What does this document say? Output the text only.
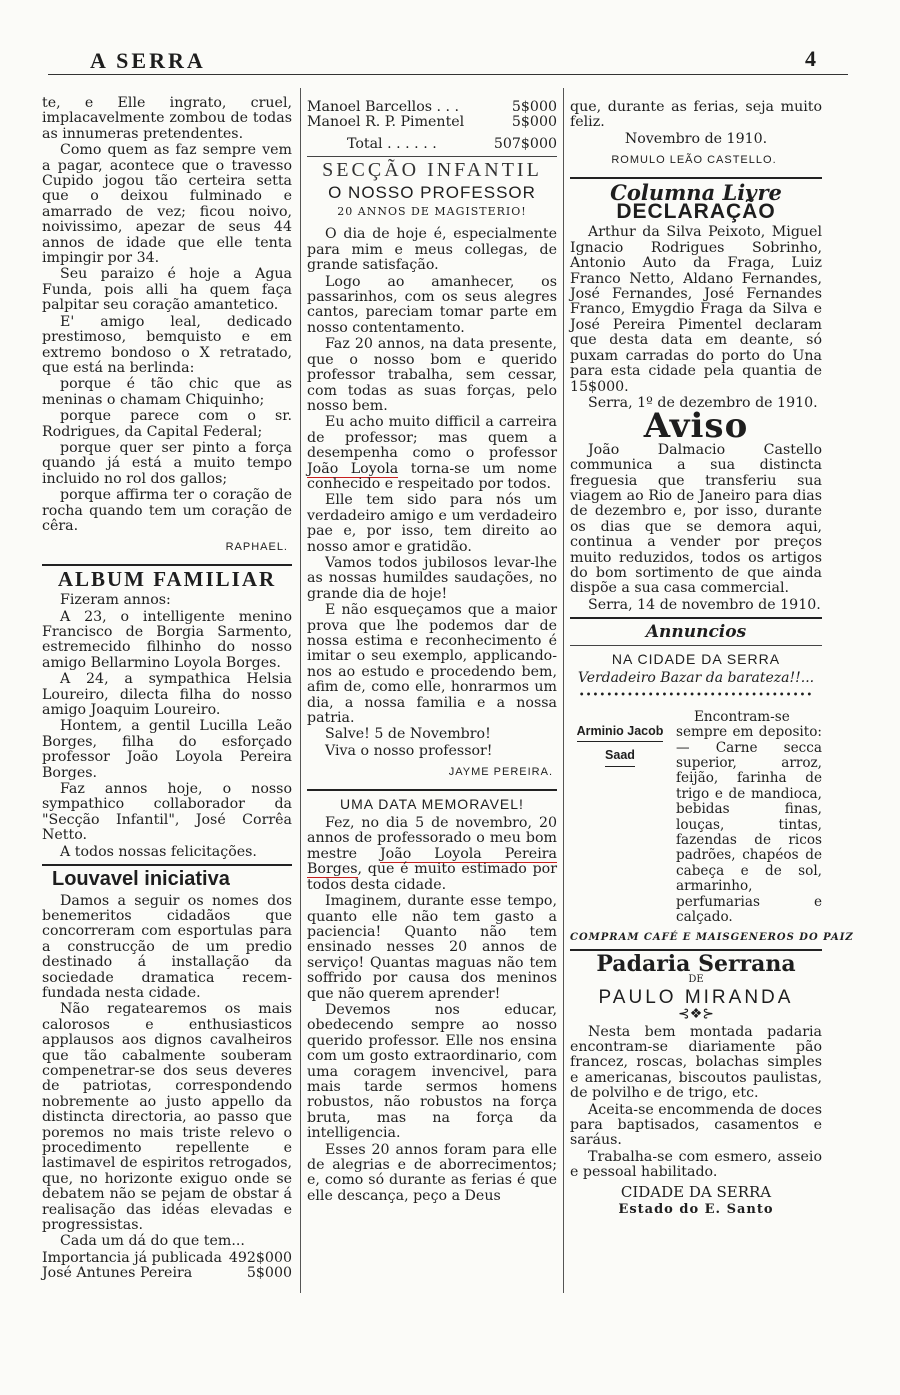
A SERRA	4

te, e Elle ingrato, cruel, implacavelmente zombou de todas as innumeras pretendentes.

Como quem as faz sempre vem a pagar, acontece que o travesso Cupido jogou tão certeira setta que o deixou fulminado e amarrado de vez; ficou noivo, noivissimo, apezar de seus 44 annos de idade que elle tenta impingir por 34.

Seu paraizo é hoje a Agua Funda, pois alli ha quem faça palpitar seu coração amantetico.

E' amigo leal, dedicado prestimoso, bemquisto e em extremo bondoso o X retratado, que está na berlinda:

porque é tão chic que as meninas o chamam Chiquinho;

porque parece com o sr. Rodrigues, da Capital Federal;

porque quer ser pinto a força quando já está a muito tempo incluido no rol dos gallos;

porque affirma ter o coração de rocha quando tem um coração de cêra.

RAPHAEL.
ALBUM FAMILIAR

Fizeram annos:

A 23, o intelligente menino Francisco de Borgia Sarmento, estremecido filhinho do nosso amigo Bellarmino Loyola Borges.

A 24, a sympathica Helsia Loureiro, dilecta filha do nosso amigo Joaquim Loureiro.

Hontem, a gentil Lucilla Leão Borges, filha do esforçado professor João Loyola Pereira Borges.

Faz annos hoje, o nosso sympathico collaborador da "Secção Infantil", José Corrêa Netto.

A todos nossas felicitações.

Louvavel iniciativa

Damos a seguir os nomes dos benemeritos cidadãos que concorreram com esportulas para a construcção de um predio destinado á installação da sociedade dramatica recem-fundada nesta cidade.

Não regatearemos os mais calorosos e enthusiasticos applausos aos dignos cavalheiros que tão cabalmente souberam compenetrar-se dos seus deveres de patriotas, correspondendo nobremente ao justo appello da distincta directoria, ao passo que poremos no mais triste relevo o procedimento repellente e lastimavel de espiritos retrogados, que, no horizonte exiguo onde se debatem não se pejam de obstar á realisação das idéas elevadas e progressistas.

Cada um dá do que tem...

Importancia já publicada 492$000
José Antunes Pereira	5$000
Manoel Barcellos . . .	5$000
Manoel R. P. Pimentel	5$000
Total . . . . . .	507$000
SECÇÃO INFANTIL
O NOSSO PROFESSOR
20 ANNOS DE MAGISTERIO!

O dia de hoje é, especialmente para mim e meus collegas, de grande satisfação.

Logo ao amanhecer, os passarinhos, com os seus alegres cantos, pareciam tomar parte em nosso contentamento.

Faz 20 annos, na data presente, que o nosso bom e querido professor trabalha, sem cessar, com todas as suas forças, pelo nosso bem.

Eu acho muito difficil a carreira de professor; mas quem a desempenha como o professor João Loyola torna-se um nome conhecido e respeitado por todos.

Elle tem sido para nós um verdadeiro amigo e um verdadeiro pae e, por isso, tem direito ao nosso amor e gratidão.

Vamos todos jubilosos levar-lhe as nossas humildes saudações, no grande dia de hoje!

E não esqueçamos que a maior prova que lhe podemos dar de nossa estima e reconhecimento é imitar o seu exemplo, applicando-nos ao estudo e procedendo bem, afim de, como elle, honrarmos um dia, a nossa familia e a nossa patria.

Salve! 5 de Novembro!

Viva o nosso professor!

JAYME PEREIRA.
UMA DATA MEMORAVEL!

Fez, no dia 5 de novembro, 20 annos de professorado o meu bom mestre João Loyola Pereira Borges, que é muito estimado por todos desta cidade.

Imaginem, durante esse tempo, quanto elle não tem gasto a paciencia! Quanto não tem ensinado nesses 20 annos de serviço! Quantas maguas não tem soffrido por causa dos meninos que não querem aprender!

Devemos nos educar, obedecendo sempre ao nosso querido professor. Elle nos ensina com um gosto extraordinario, com uma coragem invencivel, para mais tarde sermos homens robustos, não robustos na força bruta, mas na força da intelligencia.

Esses 20 annos foram para elle de alegrias e de aborrecimentos; e, como só durante as ferias é que elle descança, peço a Deus

que, durante as ferias, seja muito feliz.

Novembro de 1910.
ROMULO LEÃO CASTELLO.
Columna Livre
DECLARAÇÃO

Arthur da Silva Peixoto, Miguel Ignacio Rodrigues Sobrinho, Antonio Auto da Fraga, Luiz Franco Netto, Aldano Fernandes, José Fernandes, José Fernandes Franco, Emygdio Fraga da Silva e José Pereira Pimentel declaram que desta data em deante, só puxam carradas do porto do Una para esta cidade pela quantia de 15$000.

Serra, 1º de dezembro de 1910.

Aviso

João Dalmacio Castello communica a sua distincta freguesia que transferiu sua viagem ao Rio de Janeiro para dias de dezembro e, por isso, durante os dias que se demora aqui, continua a vender por preços muito reduzidos, todos os artigos do bom sortimento de que ainda dispõe a sua casa commercial.

Serra, 14 de novembro de 1910.

Annuncios
NA CIDADE DA SERRA
Verdadeiro Bazar da barateza!!...
••••••••••••••••••••••••••••••••••
Arminio Jacob
Saad

Encontram-se sempre em deposito:— Carne secca superior, arroz, feijão, farinha de trigo e de mandioca, bebidas finas, louças, tintas, fazendas de ricos padrões, chapéos de cabeça e de sol, armarinho, perfumarias e calçado.

COMPRAM CAFÉ E MAIS GENEROS DO PAIZ
Padaria Serrana
DE
PAULO MIRANDA
⊰❖⊱

Nesta bem montada padaria encontram-se diariamente pão francez, roscas, bolachas simples e americanas, biscoutos paulistas, de polvilho e de trigo, etc.

Aceita-se encommenda de doces para baptisados, casamentos e saráus.

Trabalha-se com esmero, asseio e pessoal habilitado.

CIDADE DA SERRA
Estado do E. Santo
